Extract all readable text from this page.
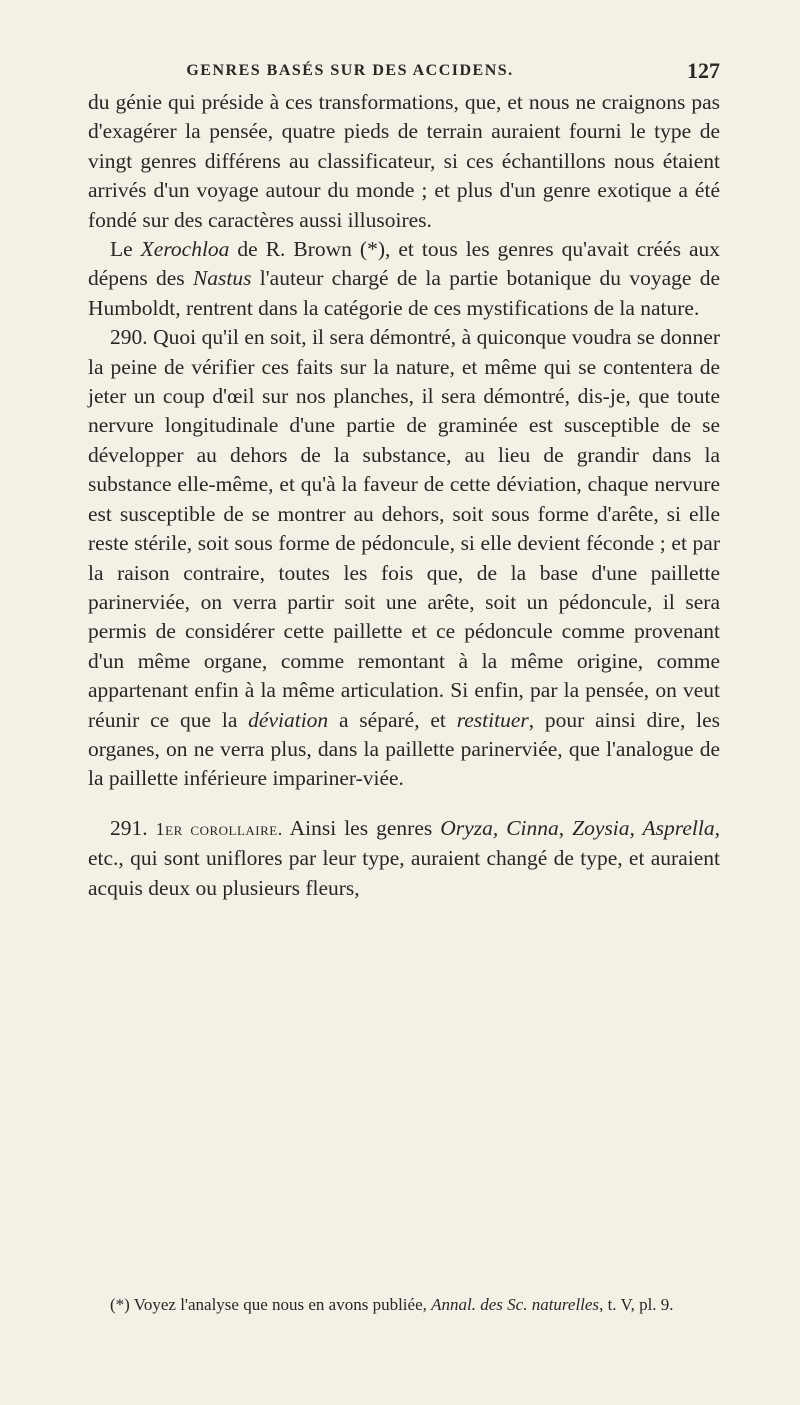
GENRES BASÉS SUR DES ACCIDENS.	127

du génie qui préside à ces transformations, que, et nous ne craignons pas d'exagérer la pensée, quatre pieds de terrain auraient fourni le type de vingt genres différens au classificateur, si ces échantillons nous étaient arrivés d'un voyage autour du monde ; et plus d'un genre exotique a été fondé sur des caractères aussi illusoires.

Le Xerochloa de R. Brown (*), et tous les genres qu'avait créés aux dépens des Nastus l'auteur chargé de la partie botanique du voyage de Humboldt, rentrent dans la catégorie de ces mystifications de la nature.

290. Quoi qu'il en soit, il sera démontré, à quiconque voudra se donner la peine de vérifier ces faits sur la nature, et même qui se contentera de jeter un coup d'œil sur nos planches, il sera démontré, dis-je, que toute nervure longitudinale d'une partie de graminée est susceptible de se développer au dehors de la substance, au lieu de grandir dans la substance elle-même, et qu'à la faveur de cette déviation, chaque nervure est susceptible de se montrer au dehors, soit sous forme d'arête, si elle reste stérile, soit sous forme de pédoncule, si elle devient féconde ; et par la raison contraire, toutes les fois que, de la base d'une paillette parinerviée, on verra partir soit une arête, soit un pédoncule, il sera permis de considérer cette paillette et ce pédoncule comme provenant d'un même organe, comme remontant à la même origine, comme appartenant enfin à la même articulation. Si enfin, par la pensée, on veut réunir ce que la déviation a séparé, et restituer, pour ainsi dire, les organes, on ne verra plus, dans la paillette parinerviée, que l'analogue de la paillette inférieure impariner-viée.

291. 1er corollaire. Ainsi les genres Oryza, Cinna, Zoysia, Asprella, etc., qui sont uniflores par leur type, auraient changé de type, et auraient acquis deux ou plusieurs fleurs,

(*) Voyez l'analyse que nous en avons publiée, Annal. des Sc. naturelles, t. V, pl. 9.
